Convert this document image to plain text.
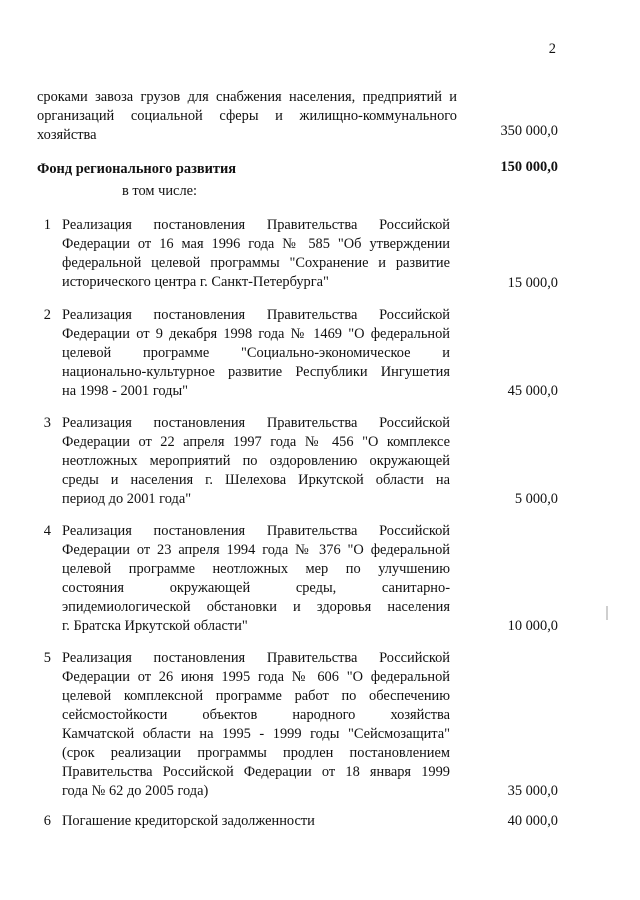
2
сроками завоза грузов для снабжения населения, предприятий и
организаций социальной сферы и жилищно-коммунального
хозяйства	350 000,0
Фонд регионального развития	150 000,0
в том числе:
1 Реализация постановления Правительства Российской
Федерации от 16 мая 1996 года № 585 "Об утверждении
федеральной целевой программы "Сохранение и развитие
исторического центра г. Санкт-Петербурга"	15 000,0
2 Реализация постановления Правительства Российской
Федерации от 9 декабря 1998 года № 1469 "О федеральной
целевой программе "Социально-экономическое и
национально-культурное развитие Республики Ингушетия
на 1998 - 2001 годы"	45 000,0
3 Реализация постановления Правительства Российской
Федерации от 22 апреля 1997 года № 456 "О комплексе
неотложных мероприятий по оздоровлению окружающей
среды и населения г. Шелехова Иркутской области на
период до 2001 года"	5 000,0
4 Реализация постановления Правительства Российской
Федерации от 23 апреля 1994 года № 376 "О федеральной
целевой программе неотложных мер по улучшению
состояния окружающей среды, санитарно-
эпидемиологической обстановки и здоровья населения
г. Братска Иркутской области"	10 000,0
5 Реализация постановления Правительства Российской
Федерации от 26 июня 1995 года № 606 "О федеральной
целевой комплексной программе работ по обеспечению
сейсмостойкости объектов народного хозяйства
Камчатской области на 1995 - 1999 годы "Сейсмозащита"
(срок реализации программы продлен постановлением
Правительства Российской Федерации от 18 января 1999
года № 62 до 2005 года)	35 000,0
6 Погашение кредиторской задолженности	40 000,0
